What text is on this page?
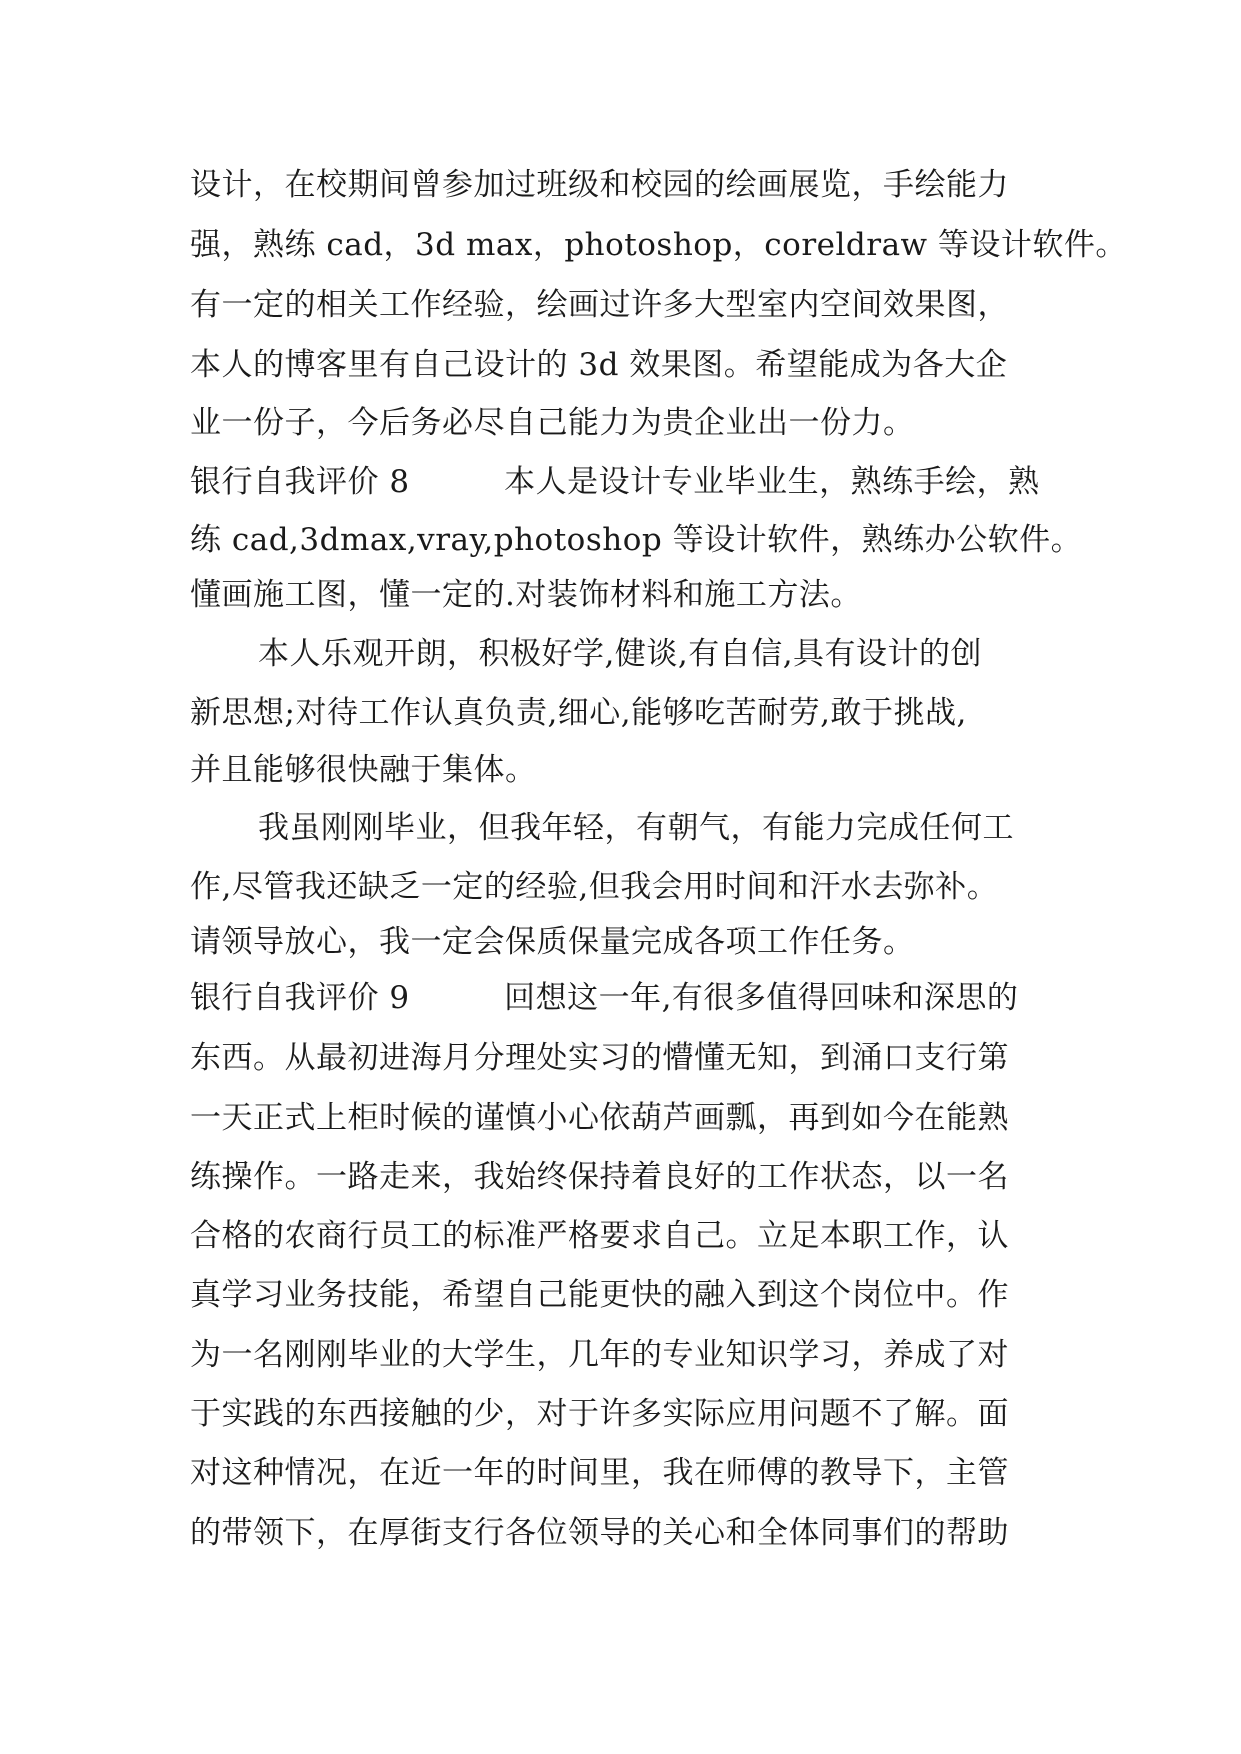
设计，在校期间曾参加过班级和校园的绘画展览，手绘能力
强，熟练 cad，3d max，photoshop，coreldraw 等设计软件。
有一定的相关工作经验，绘画过许多大型室内空间效果图，
本人的博客里有自己设计的 3d 效果图。希望能成为各大企
业一份子，今后务必尽自己能力为贵企业出一份力。
银行自我评价 8　　　本人是设计专业毕业生，熟练手绘，熟
练 cad,3dmax,vray,photoshop 等设计软件，熟练办公软件。
懂画施工图，懂一定的.对装饰材料和施工方法。
本人乐观开朗，积极好学,健谈,有自信,具有设计的创
新思想;对待工作认真负责,细心,能够吃苦耐劳,敢于挑战,
并且能够很快融于集体。
我虽刚刚毕业，但我年轻，有朝气，有能力完成任何工
作,尽管我还缺乏一定的经验,但我会用时间和汗水去弥补。
请领导放心，我一定会保质保量完成各项工作任务。
银行自我评价 9　　　回想这一年,有很多值得回味和深思的
东西。从最初进海月分理处实习的懵懂无知，到涌口支行第
一天正式上柜时候的谨慎小心依葫芦画瓢，再到如今在能熟
练操作。一路走来，我始终保持着良好的工作状态，以一名
合格的农商行员工的标准严格要求自己。立足本职工作，认
真学习业务技能，希望自己能更快的融入到这个岗位中。作
为一名刚刚毕业的大学生，几年的专业知识学习，养成了对
于实践的东西接触的少，对于许多实际应用问题不了解。面
对这种情况，在近一年的时间里，我在师傅的教导下，主管
的带领下，在厚街支行各位领导的关心和全体同事们的帮助
